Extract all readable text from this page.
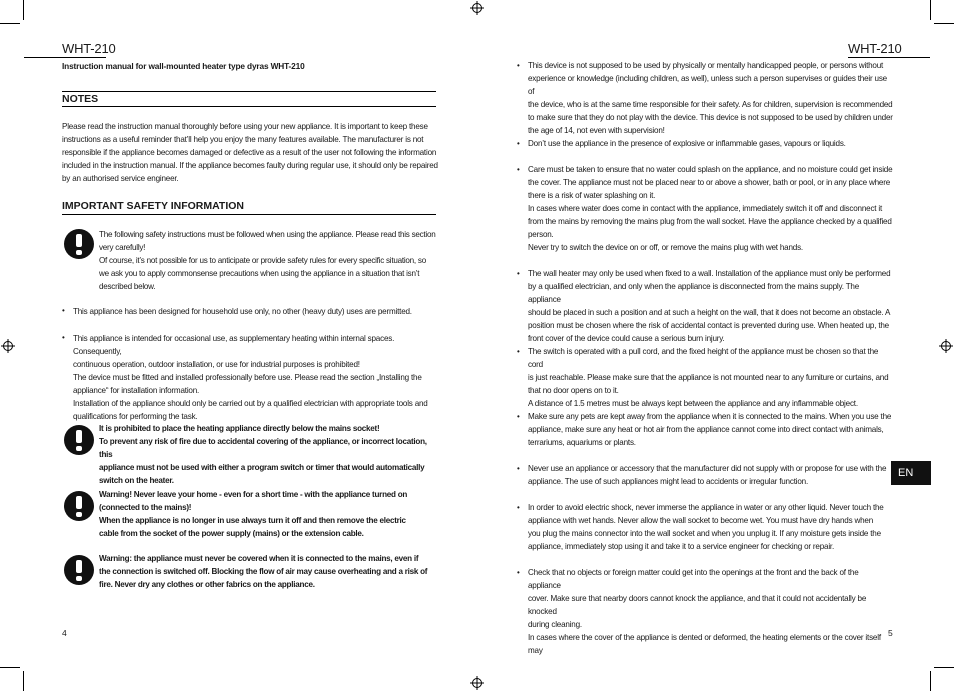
WHT-210
Instruction manual for wall-mounted heater type dyras WHT-210
NOTES
Please read the instruction manual thoroughly before using your new appliance. It is important to keep these
instructions as a useful reminder that’ll help you enjoy the many features available. The manufacturer is not
responsible if the appliance becomes damaged or defective as a result of the user not following the information
included in the instruction manual. If the appliance becomes faulty during regular use, it should only be repaired
by an authorised service engineer.
IMPORTANT SAFETY INFORMATION
The following safety instructions must be followed when using the appliance. Please read this section
very carefully!
Of course, it’s not possible for us to anticipate or provide safety rules for every specific situation, so
we ask you to apply commonsense precautions when using the appliance in a situation that isn’t
described below.
• This appliance has been designed for household use only, no other (heavy duty) uses are permitted.
• This appliance is intended for occasional use, as supplementary heating within internal spaces. Consequently,
continuous operation, outdoor installation, or use for industrial purposes is prohibited!
The device must be fitted and installed professionally before use. Please read the section „Installing the
appliance“ for installation information.
Installation of the appliance should only be carried out by a qualified electrician with appropriate tools and
qualifications for performing the task.
It is prohibited to place the heating appliance directly below the mains socket!
To prevent any risk of fire due to accidental covering of the appliance, or incorrect location, this
appliance must not be used with either a program switch or timer that would automatically
switch on the heater.
Warning! Never leave your home - even for a short time - with the appliance turned on
(connected to the mains)!
When the appliance is no longer in use always turn it off and then remove the electric
cable from the socket of the power supply (mains) or the extension cable.
Warning: the appliance must never be covered when it is connected to the mains, even if
the connection is switched off. Blocking the flow of air may cause overheating and a risk of
fire. Never dry any clothes or other fabrics on the appliance.
4
WHT-210
• This device is not supposed to be used by physically or mentally handicapped people, or persons without
experience or knowledge (including children, as well), unless such a person supervises or guides their use of
the device, who is at the same time responsible for their safety. As for children, supervision is recommended
to make sure that they do not play with the device. This device is not supposed to be used by children under
the age of 14, not even with supervision!
• Don’t use the appliance in the presence of explosive or inflammable gases, vapours or liquids.
• Care must be taken to ensure that no water could splash on the appliance, and no moisture could get inside
the cover. The appliance must not be placed near to or above a shower, bath or pool, or in any place where
there is a risk of water splashing on it.
In cases where water does come in contact with the appliance, immediately switch it off and disconnect it
from the mains by removing the mains plug from the wall socket. Have the appliance checked by a qualified
person.
Never try to switch the device on or off, or remove the mains plug with wet hands.
• The wall heater may only be used when fixed to a wall. Installation of the appliance must only be performed
by a qualified electrician, and only when the appliance is disconnected from the mains supply. The appliance
should be placed in such a position and at such a height on the wall, that it does not become an obstacle. A
position must be chosen where the risk of accidental contact is prevented during use. When heated up, the
front cover of the device could cause a serious burn injury.
• The switch is operated with a pull cord, and the fixed height of the appliance must be chosen so that the cord
is just reachable. Please make sure that the appliance is not mounted near to any furniture or curtains, and
that no door opens on to it.
A distance of 1.5 metres must be always kept between the appliance and any inflammable object.
• Make sure any pets are kept away from the appliance when it is connected to the mains. When you use the
appliance, make sure any heat or hot air from the appliance cannot come into direct contact with animals,
terrariums, aquariums or plants.
• Never use an appliance or accessory that the manufacturer did not supply with or propose for use with the
appliance. The use of such appliances might lead to accidents or irregular function.
• In order to avoid electric shock, never immerse the appliance in water or any other liquid. Never touch the
appliance with wet hands. Never allow the wall socket to become wet. You must have dry hands when
you plug the mains connector into the wall socket and when you unplug it. If any moisture gets inside the
appliance, immediately stop using it and take it to a service engineer for checking or repair.
• Check that no objects or foreign matter could get into the openings at the front and the back of the appliance
cover. Make sure that nearby doors cannot knock the appliance, and that it could not accidentally be knocked
during cleaning.
In cases where the cover of the appliance is dented or deformed, the heating elements or the cover itself may
EN
5
